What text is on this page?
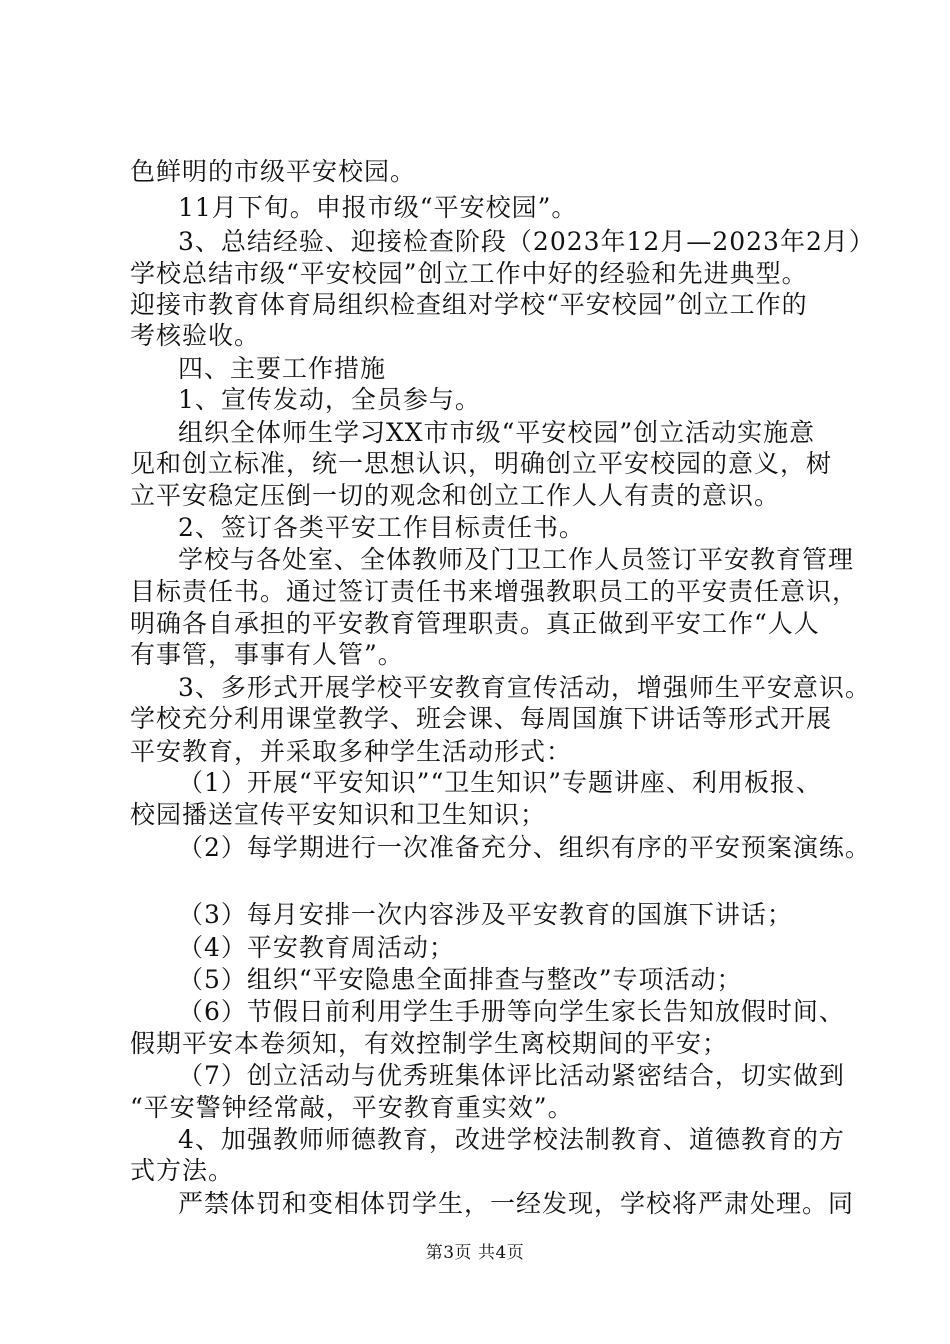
色鲜明的市级平安校园。
11月下旬。申报市级“平安校园”。
3、总结经验、迎接检查阶段（2023年12月—2023年2月）
学校总结市级“平安校园”创立工作中好的经验和先进典型。
迎接市教育体育局组织检查组对学校“平安校园”创立工作的
考核验收。
四、主要工作措施
1、宣传发动，全员参与。
组织全体师生学习XX市市级“平安校园”创立活动实施意
见和创立标准，统一思想认识，明确创立平安校园的意义，树
立平安稳定压倒一切的观念和创立工作人人有责的意识。
2、签订各类平安工作目标责任书。
学校与各处室、全体教师及门卫工作人员签订平安教育管理
目标责任书。通过签订责任书来增强教职员工的平安责任意识，
明确各自承担的平安教育管理职责。真正做到平安工作“人人
有事管，事事有人管”。
3、多形式开展学校平安教育宣传活动，增强师生平安意识。
学校充分利用课堂教学、班会课、每周国旗下讲话等形式开展
平安教育，并采取多种学生活动形式：
（1）开展“平安知识”“卫生知识”专题讲座、利用板报、
校园播送宣传平安知识和卫生知识；
（2）每学期进行一次准备充分、组织有序的平安预案演练。
（3）每月安排一次内容涉及平安教育的国旗下讲话；
（4）平安教育周活动；
（5）组织“平安隐患全面排查与整改”专项活动；
（6）节假日前利用学生手册等向学生家长告知放假时间、
假期平安本卷须知，有效控制学生离校期间的平安；
（7）创立活动与优秀班集体评比活动紧密结合，切实做到
“平安警钟经常敲，平安教育重实效”。
4、加强教师师德教育，改进学校法制教育、道德教育的方
式方法。
严禁体罚和变相体罚学生，一经发现，学校将严肃处理。同
第3页 共4页
